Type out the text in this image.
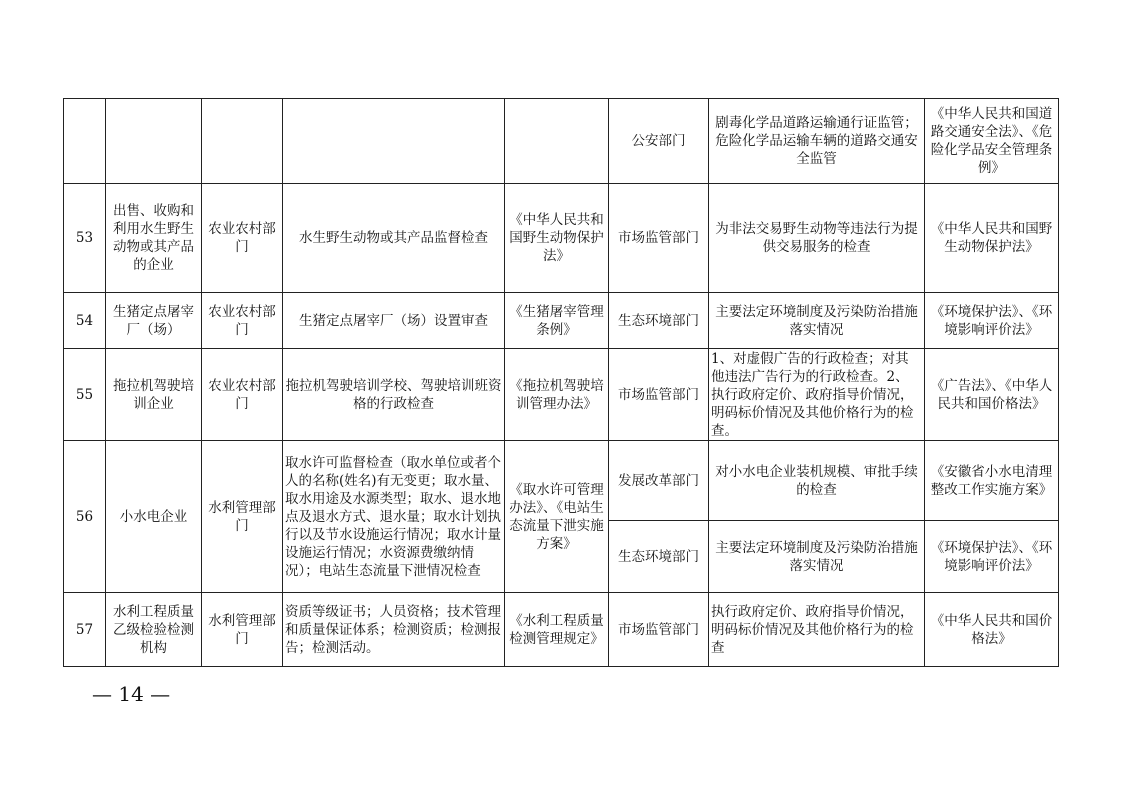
					公安部门	剧毒化学品道路运输通行证监管；危险化学品运输车辆的道路交通安全监管	《中华人民共和国道路交通安全法》、《危险化学品安全管理条例》
53	出售、收购和利用水生野生动物或其产品的企业	农业农村部门	水生野生动物或其产品监督检查	《中华人民共和国野生动物保护法》	市场监管部门	为非法交易野生动物等违法行为提供交易服务的检查	《中华人民共和国野生动物保护法》
54	生猪定点屠宰厂（场）	农业农村部门	生猪定点屠宰厂（场）设置审查	《生猪屠宰管理条例》	生态环境部门	主要法定环境制度及污染防治措施落实情况	《环境保护法》、《环境影响评价法》
55	拖拉机驾驶培训企业	农业农村部门	拖拉机驾驶培训学校、驾驶培训班资格的行政检查	《拖拉机驾驶培训管理办法》	市场监管部门	1、对虚假广告的行政检查；对其他违法广告行为的行政检查。2、执行政府定价、政府指导价情况，明码标价情况及其他价格行为的检查。	《广告法》、《中华人民共和国价格法》
56	小水电企业	水利管理部门	取水许可监督检查（取水单位或者个人的名称(姓名)有无变更；取水量、取水用途及水源类型；取水、退水地点及退水方式、退水量；取水计划执行以及节水设施运行情况；取水计量设施运行情况；水资源费缴纳情况）；电站生态流量下泄情况检查	《取水许可管理办法》、《电站生态流量下泄实施方案》	发展改革部门	对小水电企业装机规模、审批手续的检查	《安徽省小水电清理整改工作实施方案》
					生态环境部门	主要法定环境制度及污染防治措施落实情况	《环境保护法》、《环境影响评价法》
57	水利工程质量乙级检验检测机构	水利管理部门	资质等级证书；人员资格；技术管理和质量保证体系；检测资质；检测报告；检测活动。	《水利工程质量检测管理规定》	市场监管部门	执行政府定价、政府指导价情况，明码标价情况及其他价格行为的检查	《中华人民共和国价格法》
— 14 —
